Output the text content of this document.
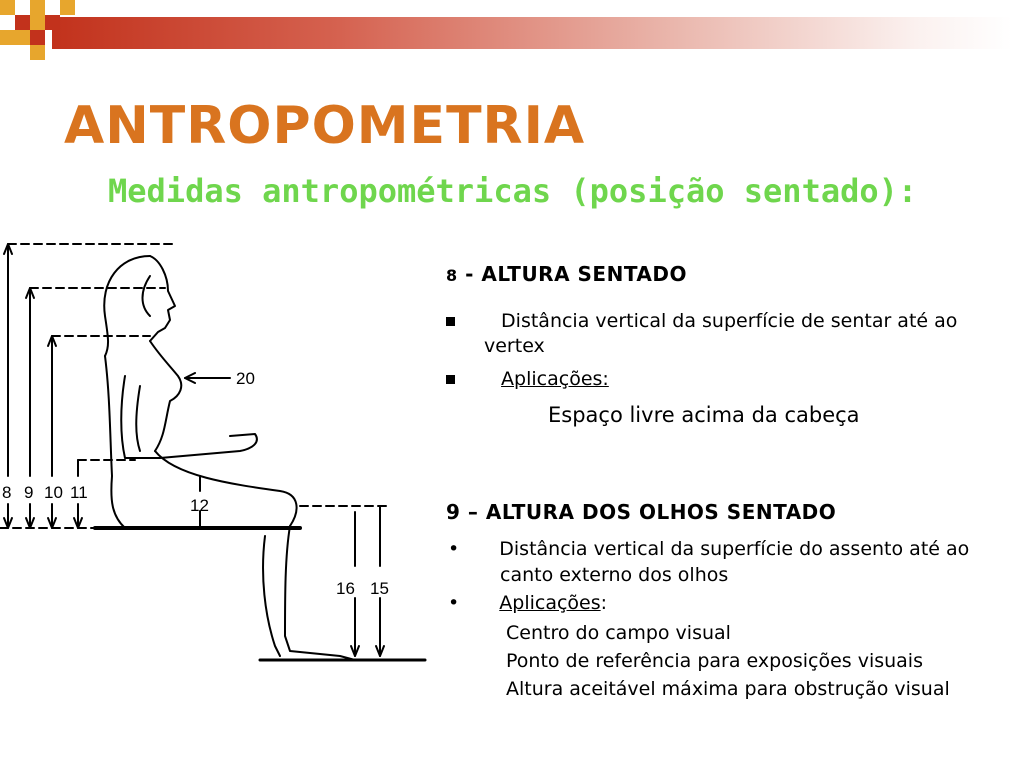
ANTROPOMETRIA
Medidas antropométricas (posição sentado):
8 9 10 11
12
16 15
20
8 - ALTURA SENTADO
Distância vertical da superfície de sentar até ao
vertex
Aplicações:
Espaço livre acima da cabeça
9 – ALTURA DOS OLHOS SENTADO
• Distância vertical da superfície do assento até ao
canto externo dos olhos
• Aplicações:
Centro do campo visual
Ponto de referência para exposições visuais
Altura aceitável máxima para obstrução visual
